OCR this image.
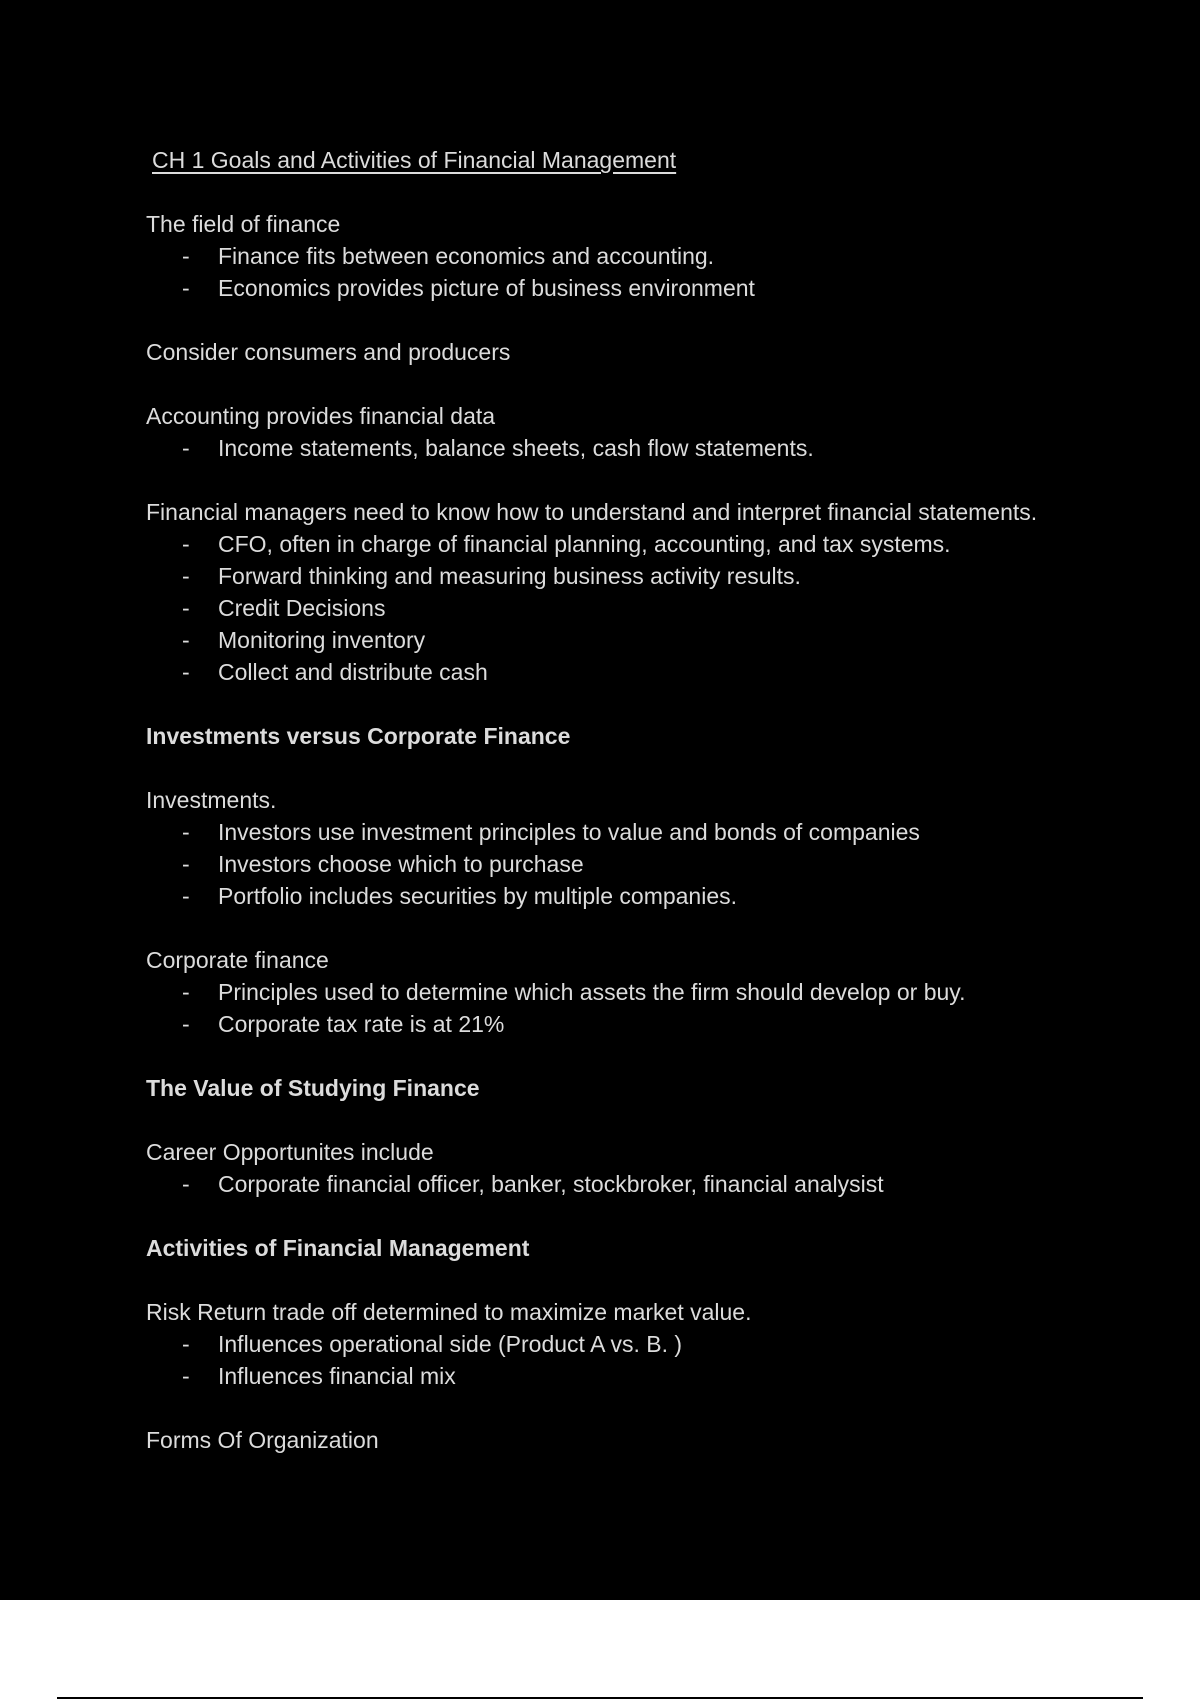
CH 1 Goals and Activities of Financial Management

The field of finance

- Finance fits between economics and accounting.
- Economics provides picture of business environment

Consider consumers and producers

Accounting provides financial data

- Income statements, balance sheets, cash flow statements.

Financial managers need to know how to understand and interpret financial statements.

- CFO, often in charge of financial planning, accounting, and tax systems.
- Forward thinking and measuring business activity results.
- Credit Decisions
- Monitoring inventory
- Collect and distribute cash

Investments versus Corporate Finance

Investments.

- Investors use investment principles to value and bonds of companies
- Investors choose which to purchase
- Portfolio includes securities by multiple companies.

Corporate finance

- Principles used to determine which assets the firm should develop or buy.
- Corporate tax rate is at 21%

The Value of Studying Finance

Career Opportunites include

- Corporate financial officer, banker, stockbroker, financial analysist

Activities of Financial Management

Risk Return trade off determined to maximize market value.

- Influences operational side (Product A vs. B. )
- Influences financial mix

Forms Of Organization
